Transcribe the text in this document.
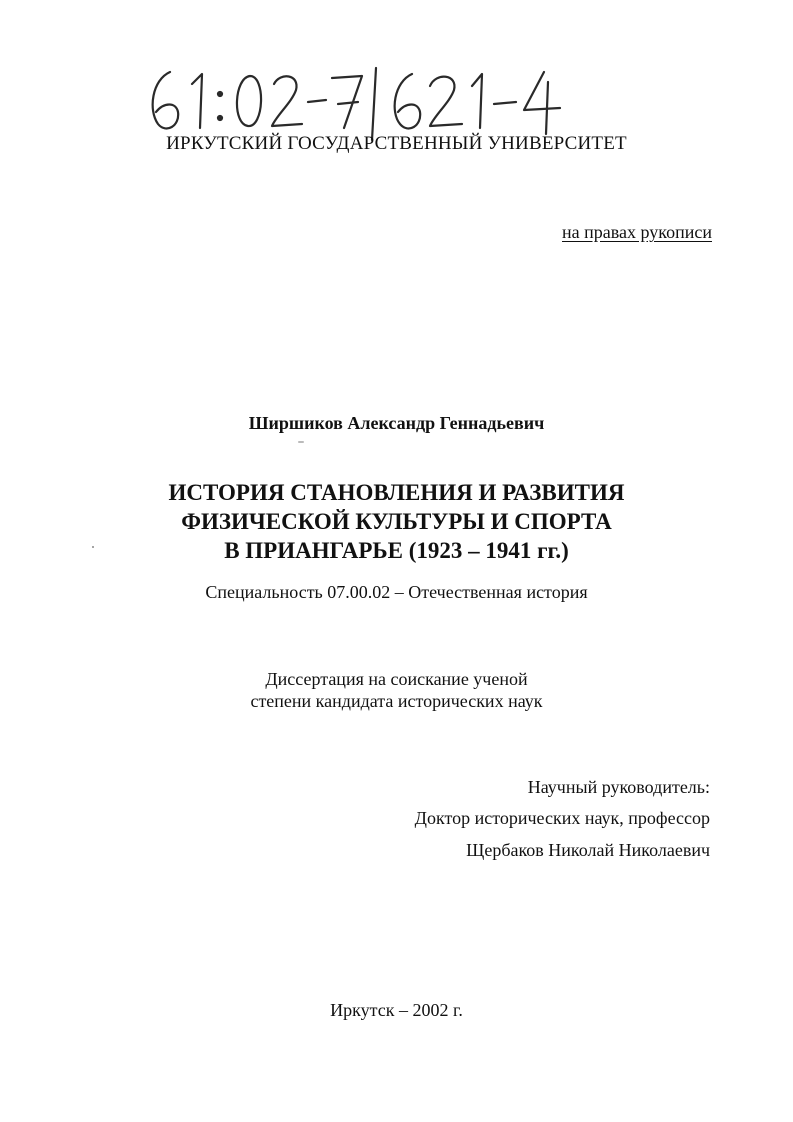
ИРКУТСКИЙ ГОСУДАРСТВЕННЫЙ УНИВЕРСИТЕТ
на правах рукописи
Ширшиков Александр Геннадьевич
ИСТОРИЯ СТАНОВЛЕНИЯ И РАЗВИТИЯ
ФИЗИЧЕСКОЙ КУЛЬТУРЫ И СПОРТА
В ПРИАНГАРЬЕ (1923 – 1941 гг.)
Специальность 07.00.02 – Отечественная история
Диссертация на соискание ученой
степени кандидата исторических наук
Научный руководитель:
Доктор исторических наук, профессор
Щербаков Николай Николаевич
Иркутск – 2002 г.
